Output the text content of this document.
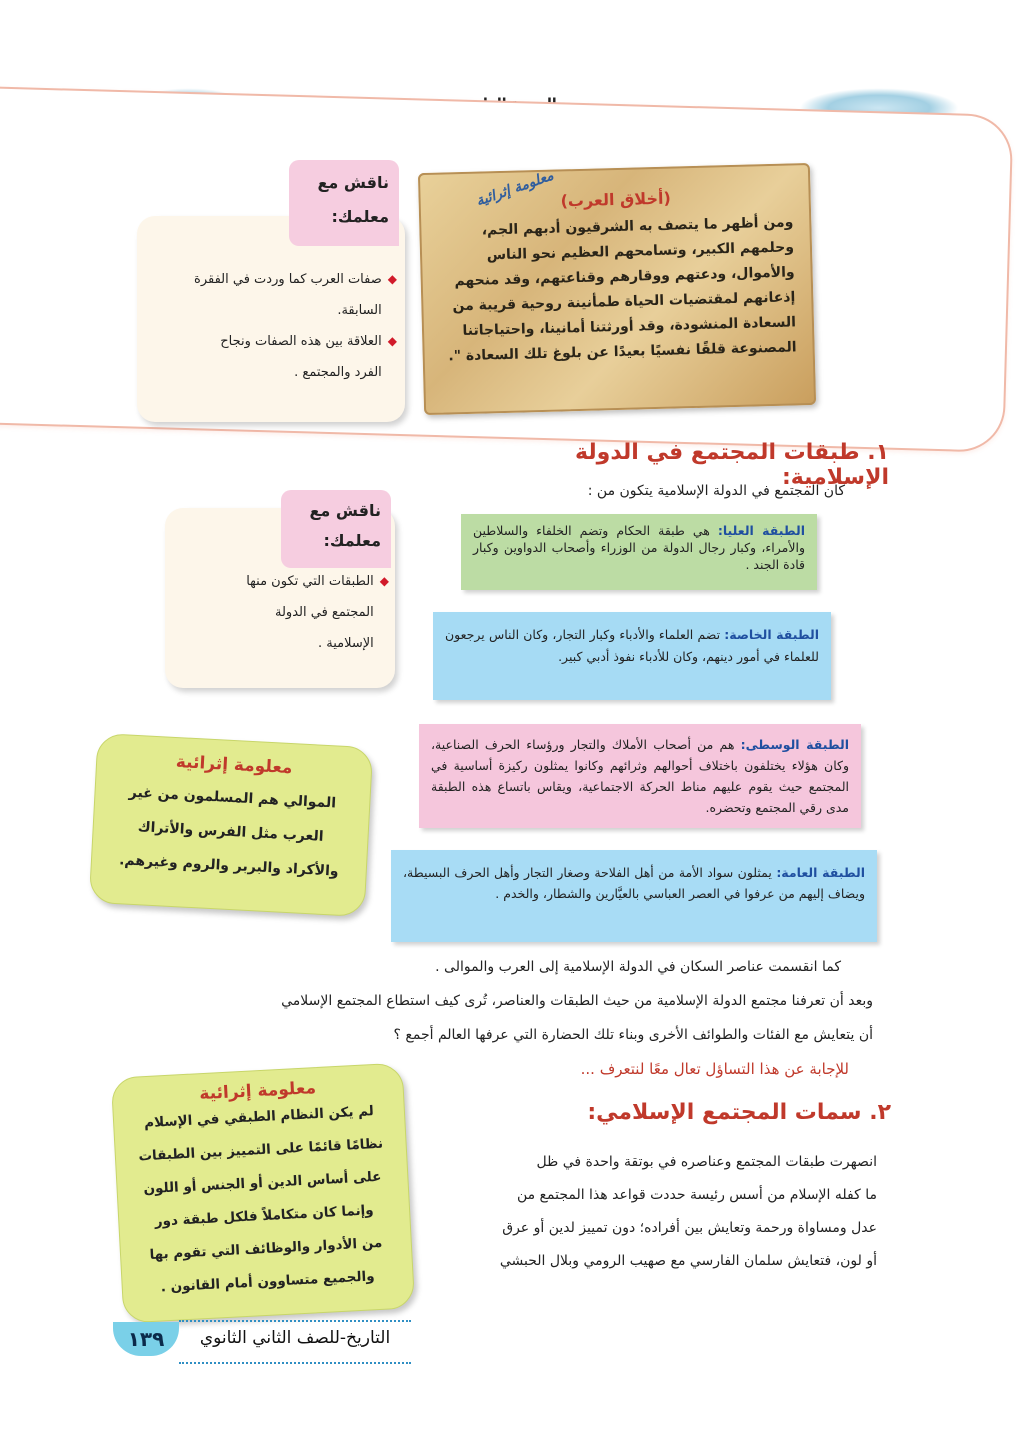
معلومة إثرائية (أخلاق العرب)
ومن أظهر ما يتصف به الشرقيون أدبهم الجم،
وحلمهم الكبير، وتسامحهم العظيم نحو الناس
والأموال، ودعتهم ووقارهم وقناعتهم، وقد منحهم
إذعانهم لمقتضيات الحياة طمأنينة روحية قريبة من
السعادة المنشودة، وقد أورثتنا أمانينا، واحتياجاتنا
المصنوعة قلقًا نفسيًا بعيدًا عن بلوغ تلك السعادة ".
ناقش مع
معلمك:
◆
صفات العرب كما وردت في الفقرة
السابقة.
◆
العلاقة بين هذه الصفات ونجاح
الفرد والمجتمع .
١. طبقات المجتمع في الدولة الإسلامية:
كان المجتمع في الدولة الإسلامية يتكون من :
ناقش مع
معلمك:
◆
الطبقات التي تكون منها
المجتمع في الدولة
الإسلامية .
الطبقة العليا: هي طبقة الحكام وتضم الخلفاء والسلاطين والأمراء، وكبار رجال الدولة من الوزراء وأصحاب الدواوين وكبار قادة الجند .
الطبقة الخاصة: تضم العلماء والأدباء وكبار التجار، وكان الناس يرجعون للعلماء في أمور دينهم، وكان للأدباء نفوذ أدبي كبير.
الطبقة الوسطى: هم من أصحاب الأملاك والتجار ورؤساء الحرف الصناعية، وكان هؤلاء يختلفون باختلاف أحوالهم وثرائهم وكانوا يمثلون ركيزة أساسية في المجتمع حيث يقوم عليهم مناط الحركة الاجتماعية، ويقاس باتساع هذه الطبقة مدى رقي المجتمع وتحضره.
الطبقة العامة: يمثلون سواد الأمة من أهل الفلاحة وصغار التجار وأهل الحرف البسيطة، ويضاف إليهم من عرفوا في العصر العباسي بالعيَّارين والشطار، والخدم .
معلومة إثرائية
الموالي هم المسلمون من غير
العرب مثل الفرس والأتراك
والأكراد والبربر والروم وغيرهم.
كما انقسمت عناصر السكان في الدولة الإسلامية إلى العرب والموالى .
وبعد أن تعرفنا مجتمع الدولة الإسلامية من حيث الطبقات والعناصر، تُرى كيف استطاع المجتمع الإسلامي
أن يتعايش مع الفئات والطوائف الأخرى وبناء تلك الحضارة التي عرفها العالم أجمع ؟
للإجابة عن هذا التساؤل تعال معًا لنتعرف ...
٢. سمات المجتمع الإسلامي:
انصهرت طبقات المجتمع وعناصره في بوتقة واحدة في ظل
ما كفله الإسلام من أسس رئيسة حددت قواعد هذا المجتمع من
عدل ومساواة ورحمة وتعايش بين أفراده؛ دون تمييز لدين أو عرق
أو لون، فتعايش سلمان الفارسي مع صهيب الرومي وبلال الحبشي
معلومة إثرائية
لم يكن النظام الطبقي في الإسلام
نظامًا قائمًا على التمييز بين الطبقات
على أساس الدين أو الجنس أو اللون
وإنما كان متكاملاً فلكل طبقة دور
من الأدوار والوظائف التي تقوم بها
والجميع متساوون أمام القانون .
١٣٩	التاريخ-للصف الثاني الثانوي
